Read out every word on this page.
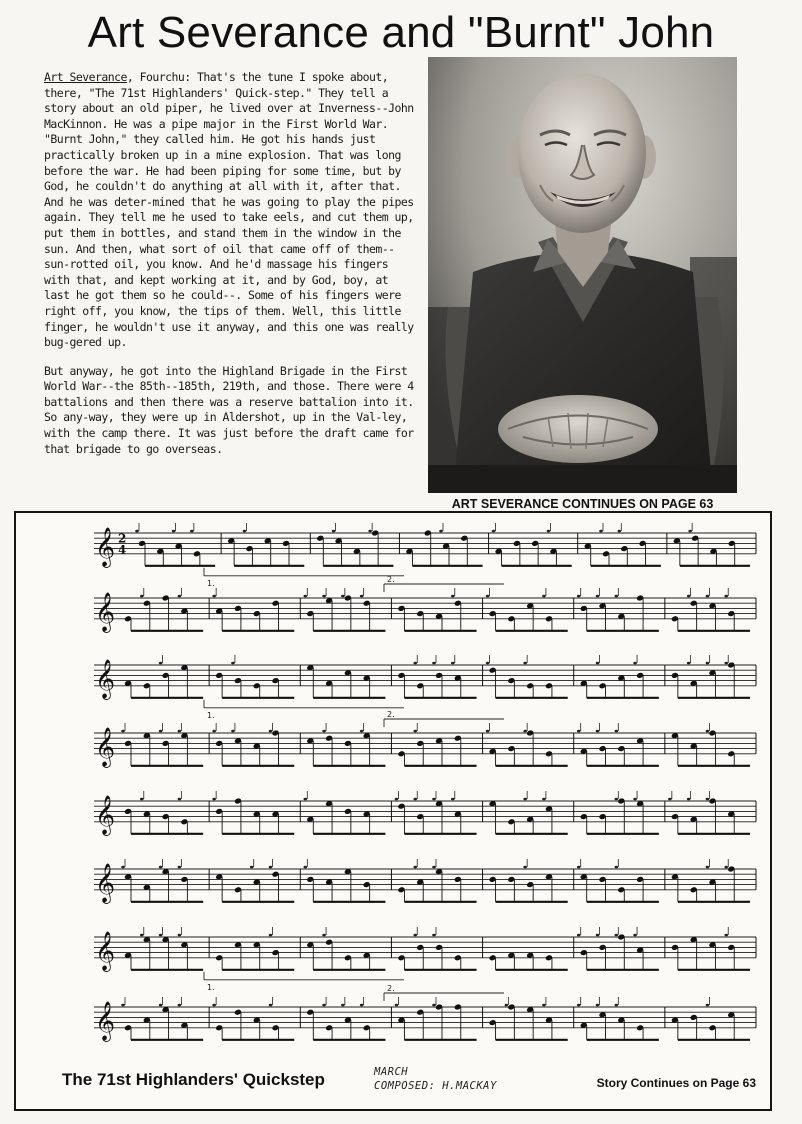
Art Severance and "Burnt" John

Art Severance, Fourchu: That's the tune I spoke about, there, "The 71st Highlanders' Quick-step." They tell a story about an old piper, he lived over at Inverness--John MacKinnon. He was a pipe major in the First World War. "Burnt John," they called him. He got his hands just practically broken up in a mine explosion. That was long before the war. He had been piping for some time, but by God, he couldn't do anything at all with it, after that. And he was deter-mined that he was going to play the pipes again. They tell me he used to take eels, and cut them up, put them in bottles, and stand them in the window in the sun. And then, what sort of oil that came off of them--sun-rotted oil, you know. And he'd massage his fingers with that, and kept working at it, and by God, boy, at last he got them so he could--. Some of his fingers were right off, you know, the tips of them. Well, this little finger, he wouldn't use it anyway, and this one was really bug-gered up.

But anyway, he got into the Highland Brigade in the First World War--the 85th--185th, 219th, and those. There were 4 battalions and then there was a reserve battalion into it. So any-way, they were up in Aldershot, up in the Val-ley, with the camp there. It was just before the draft came for that brigade to go overseas.

ART SEVERANCE CONTINUES ON PAGE 63
𝄞 2
4
1.
𝄞
2.
𝄞
1.
𝄞
2.
𝄞
𝄞
𝄞
1.
𝄞
2.
The 71st Highlanders' Quickstep	MARCH
COMPOSED: H.MACKAY	Story Continues on Page 63
